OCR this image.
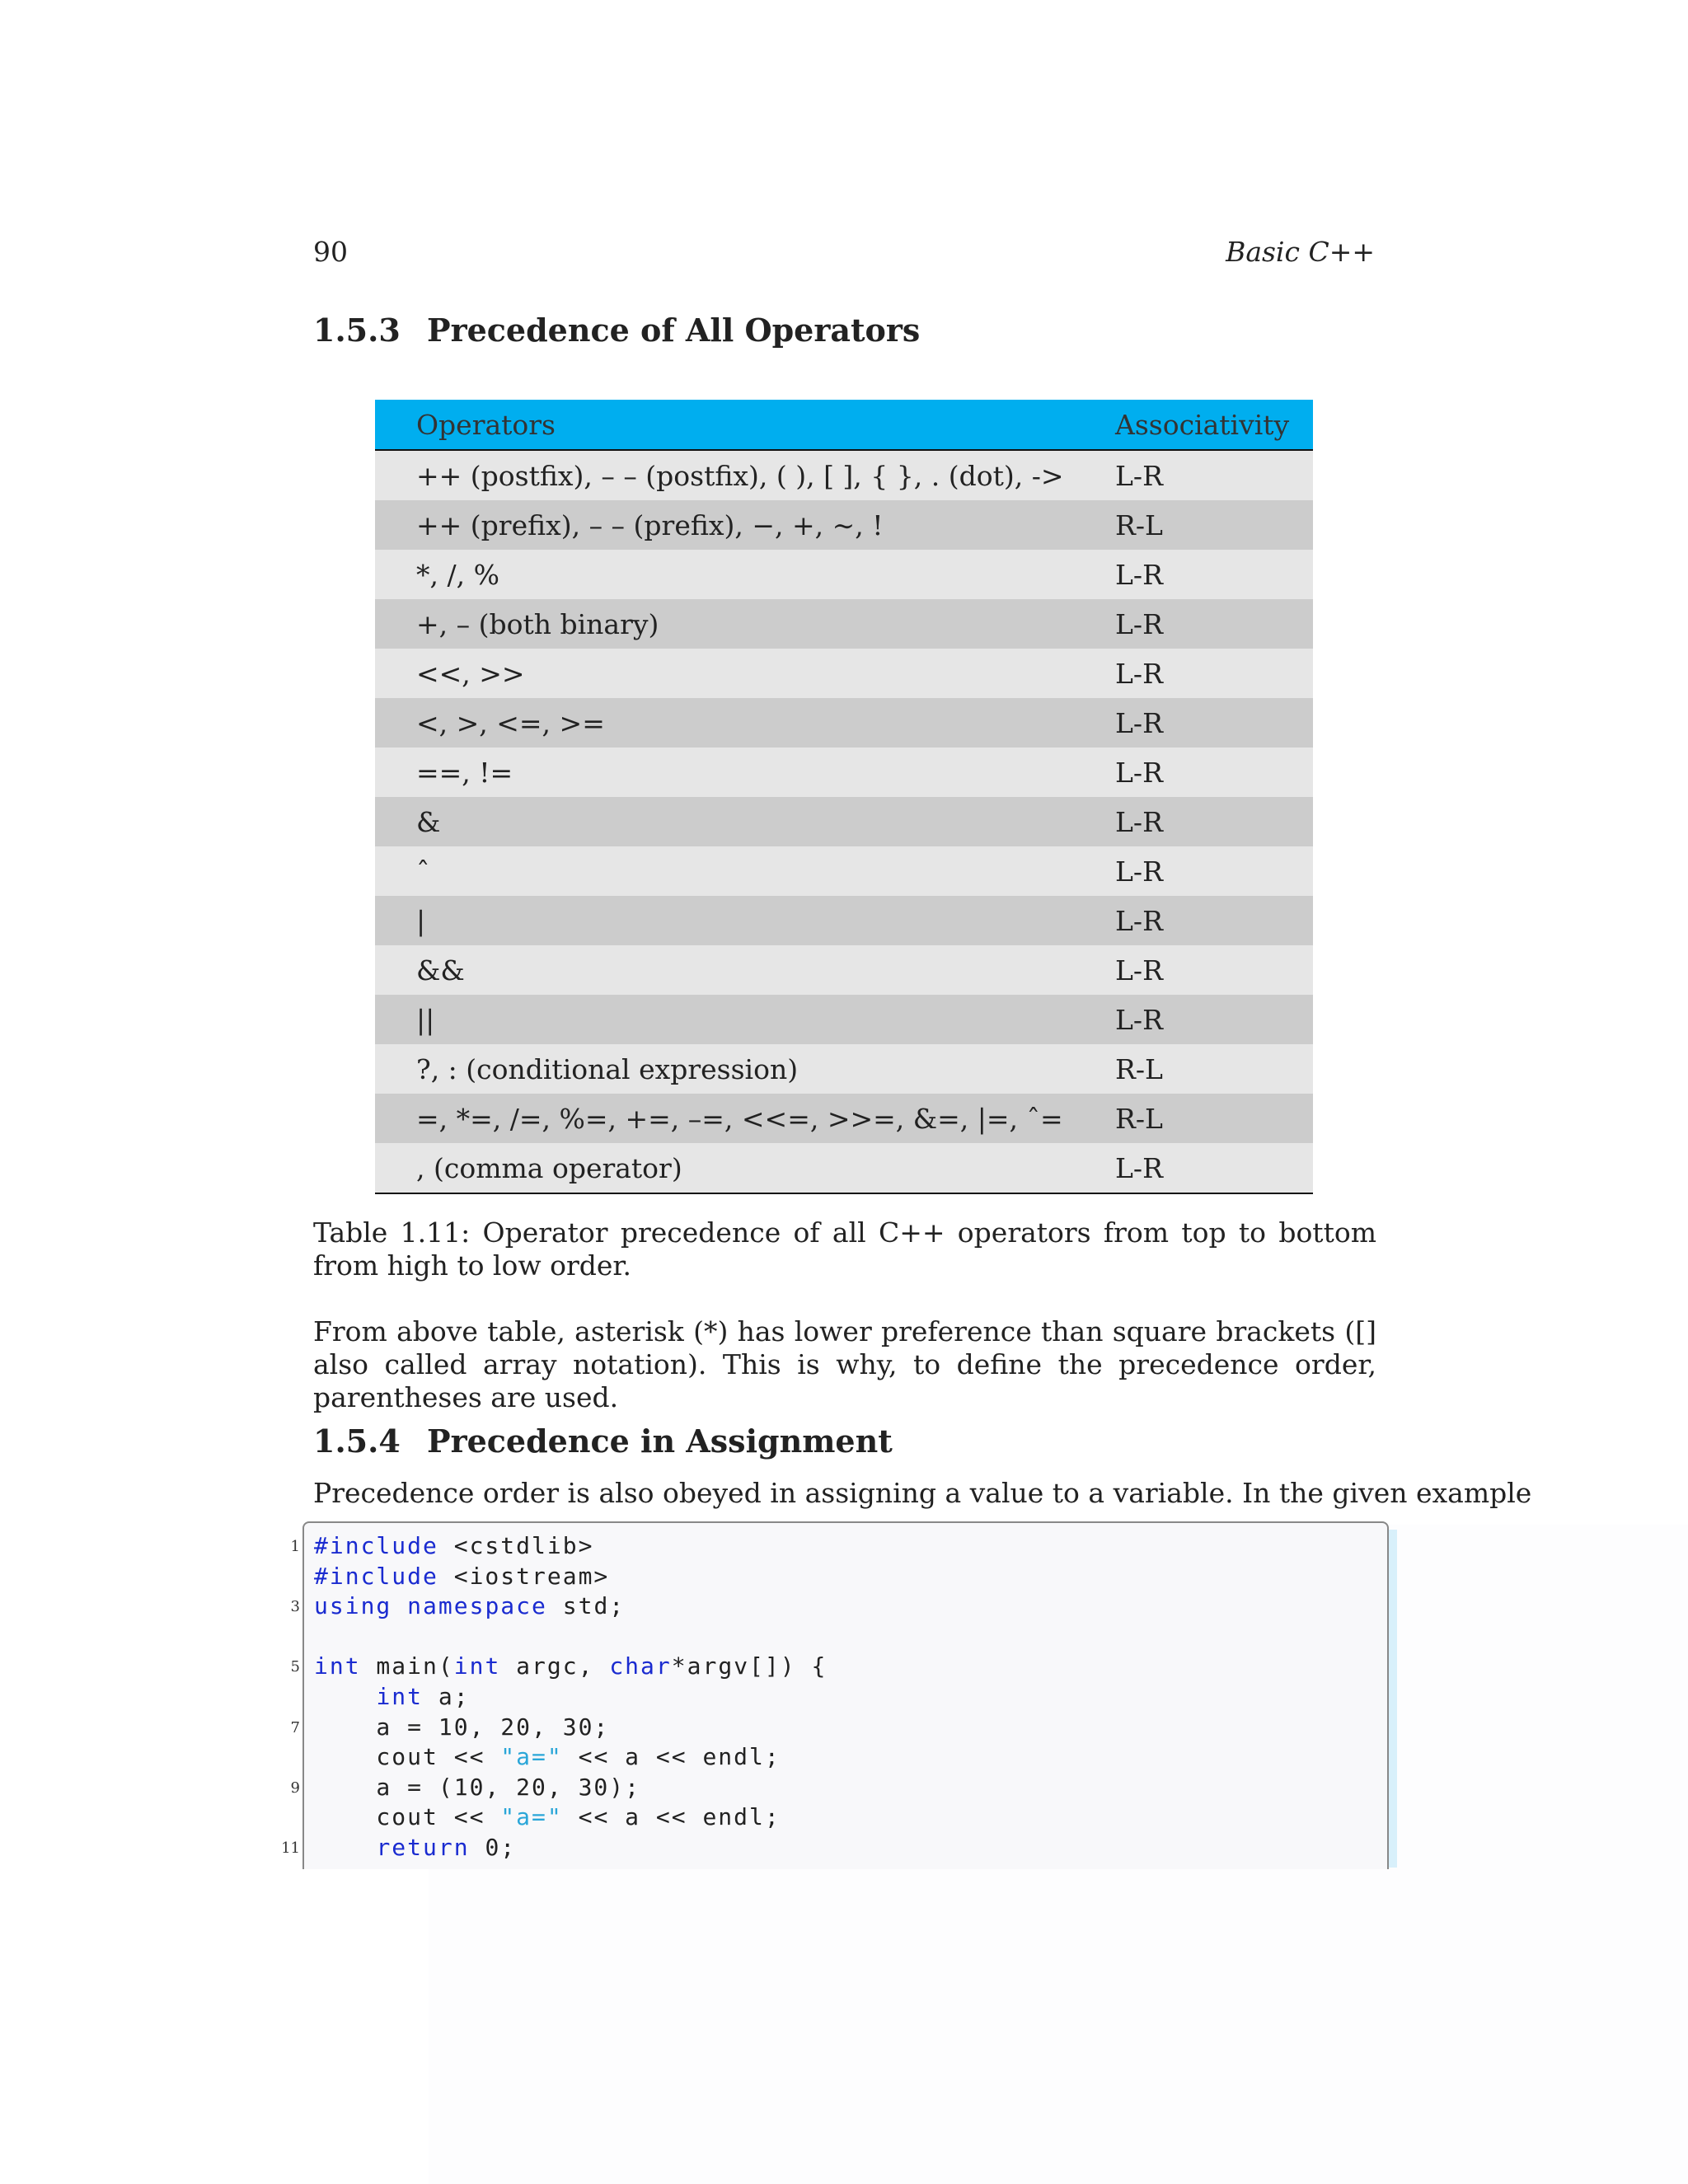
90	Basic C++
1.5.3 Precedence of All Operators
Operators	Associativity
++ (postfix), – – (postfix), ( ), [ ], { }, . (dot), ->	L-R
++ (prefix), – – (prefix), −, +, ∼, !	R-L
*, /, %	L-R
+, – (both binary)	L-R
<<, >>	L-R
<, >, <=, >=	L-R
==, !=	L-R
&	L-R
ˆ	L-R
|	L-R
&&	L-R
||	L-R
?, : (conditional expression)	R-L
=, *=, /=, %=, +=, –=, <<=, >>=, &=, |=, ˆ=	R-L
, (comma operator)	L-R
Table 1.11: Operator precedence of all C++ operators from top to bottom from high to low order.
From above table, asterisk (*) has lower preference than square brackets ([] also called array notation). This is why, to define the precedence order, parentheses are used.
1.5.4 Precedence in Assignment
Precedence order is also obeyed in assigning a value to a variable. In the given example
1
3
5
7
9
11
#include <cstdlib>
#include <iostream>
using namespace std;

int main(int argc, char*argv[]) {
int a;
a = 10, 20, 30;
cout << "a=" << a << endl;
a = (10, 20, 30);
cout << "a=" << a << endl;
return 0;
